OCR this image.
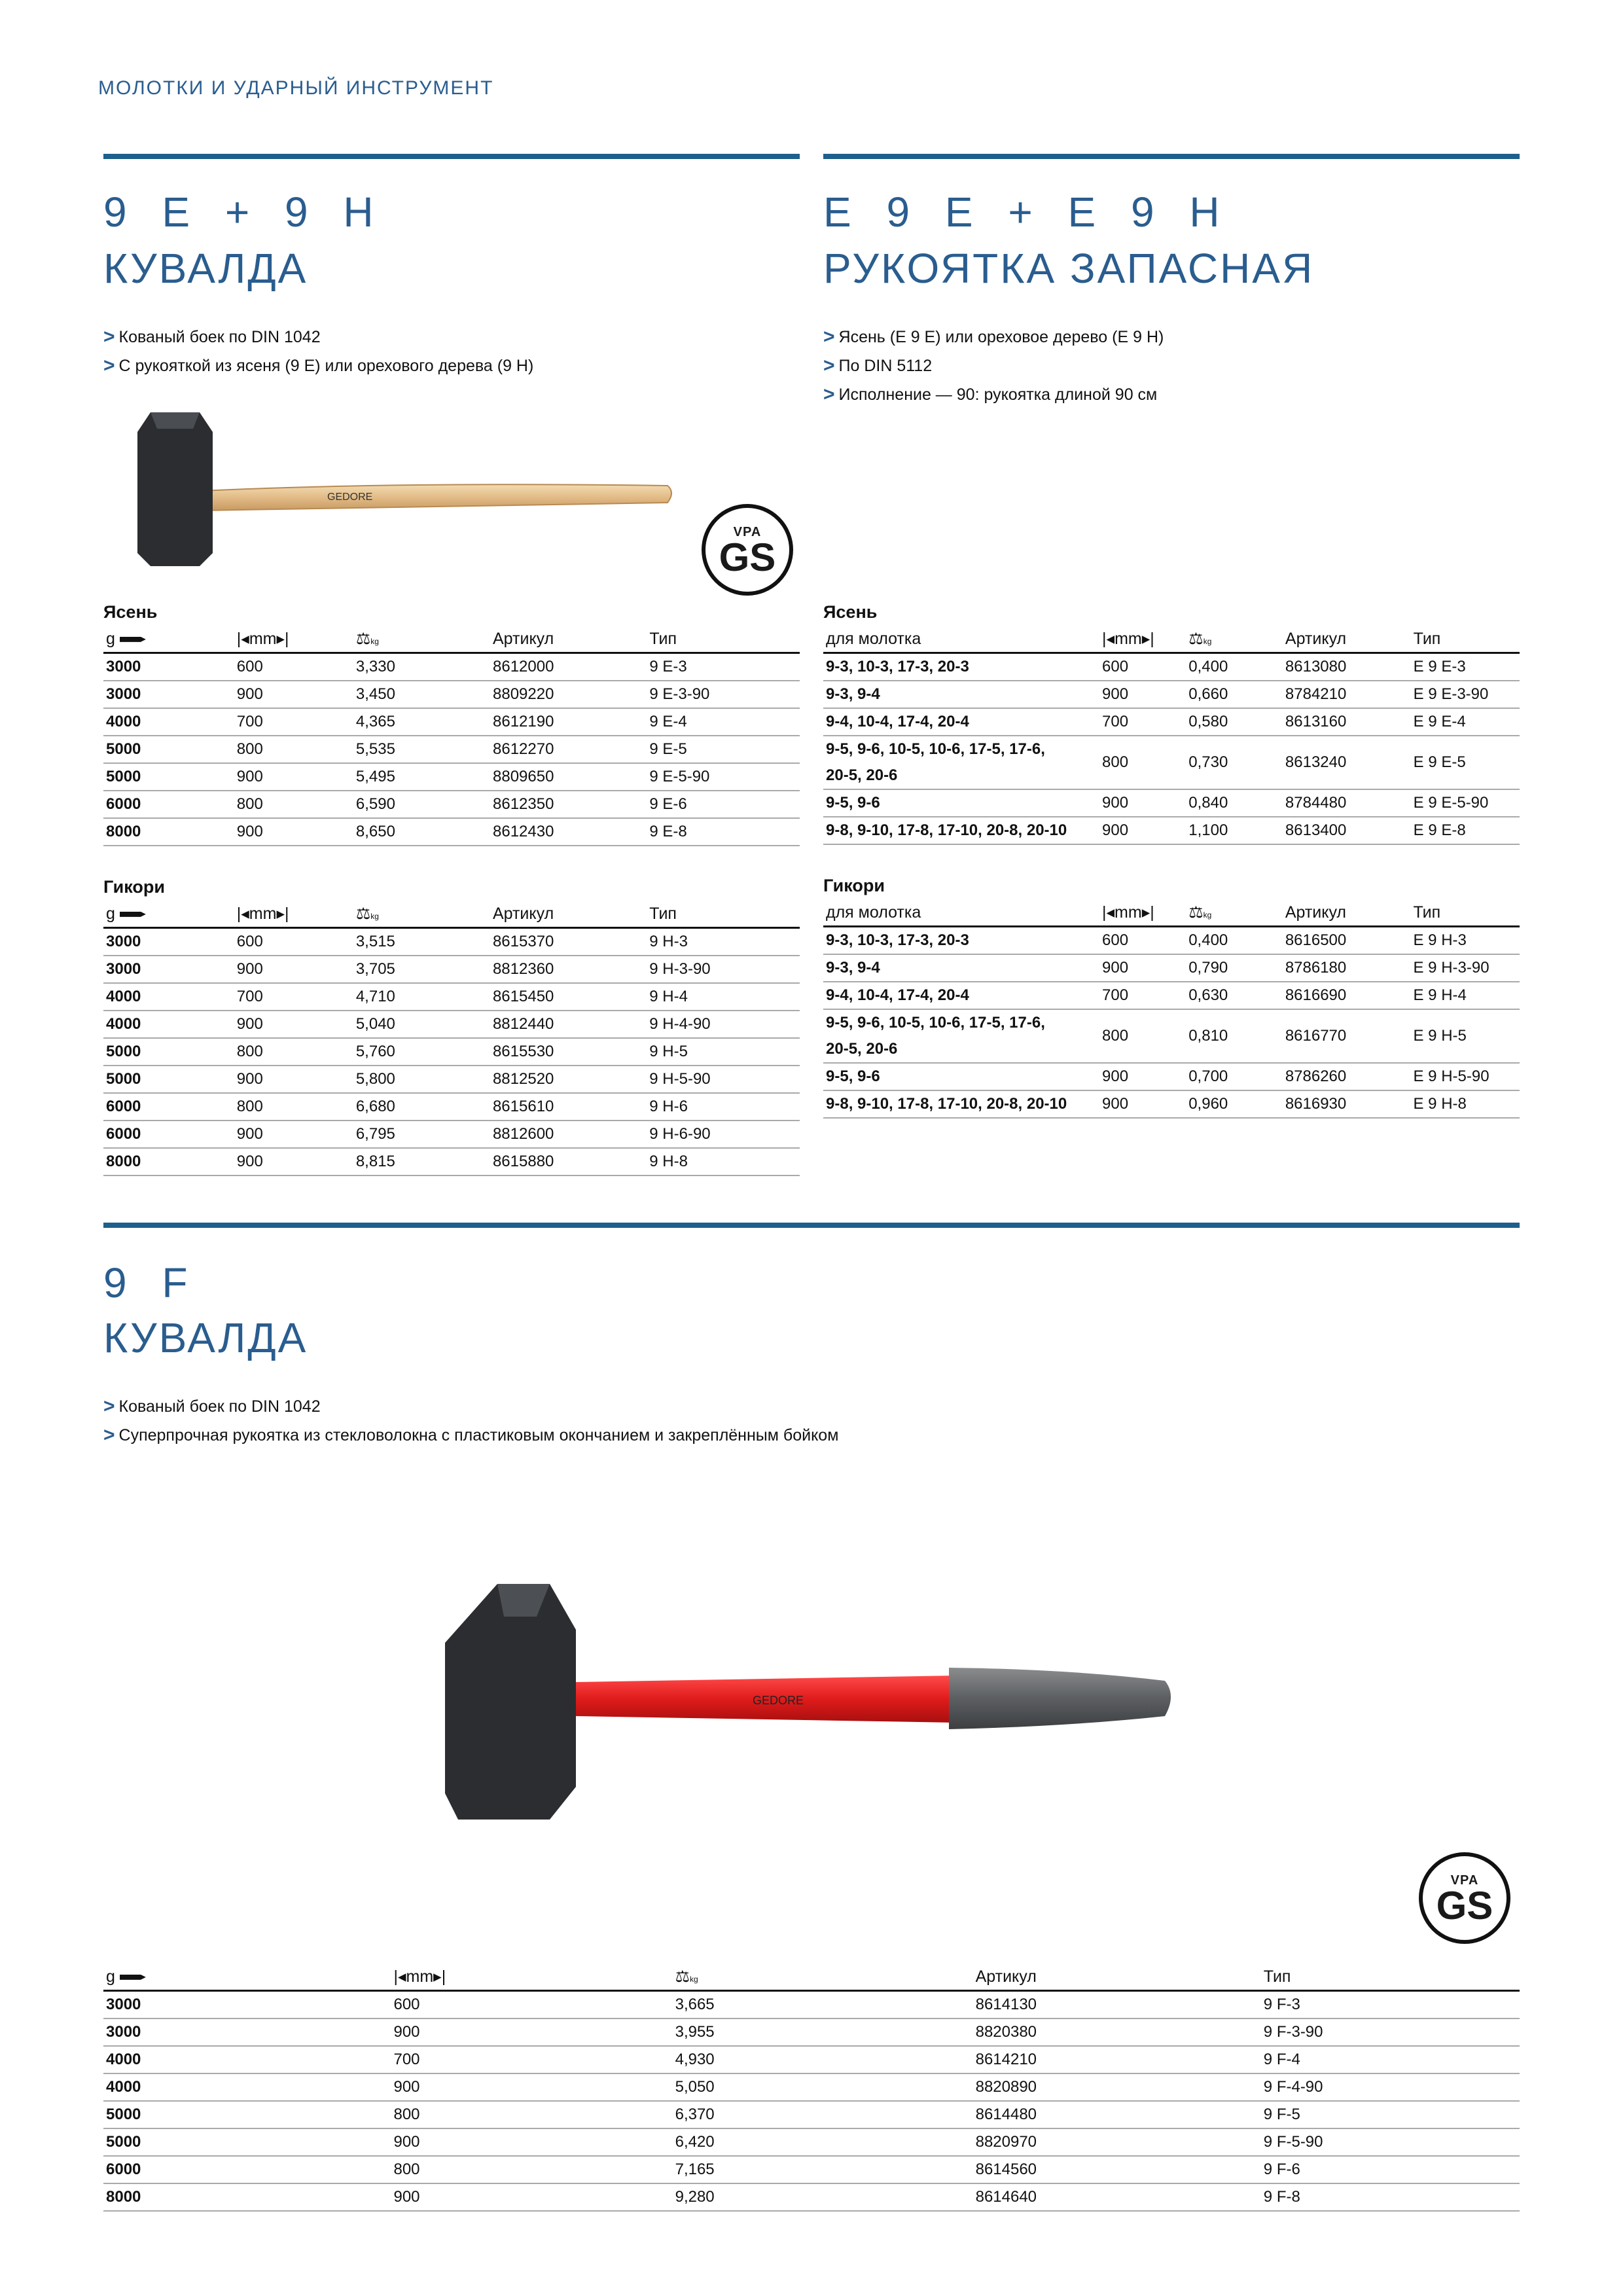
МОЛОТКИ И УДАРНЫЙ ИНСТРУМЕНТ
9 E + 9 H
КУВАЛДА
> Кованый боек по DIN 1042
> С рукояткой из ясеня (9 E) или орехового дерева (9 H)
GEDORE
VPA
GS
Ясень
g	|◂mm▸|	⚖kg	Артикул	Тип
3000	600	3,330	8612000	9 E-3
3000	900	3,450	8809220	9 E-3-90
4000	700	4,365	8612190	9 E-4
5000	800	5,535	8612270	9 E-5
5000	900	5,495	8809650	9 E-5-90
6000	800	6,590	8612350	9 E-6
8000	900	8,650	8612430	9 E-8
Гикори
g	|◂mm▸|	⚖kg	Артикул	Тип
3000	600	3,515	8615370	9 H-3
3000	900	3,705	8812360	9 H-3-90
4000	700	4,710	8615450	9 H-4
4000	900	5,040	8812440	9 H-4-90
5000	800	5,760	8615530	9 H-5
5000	900	5,800	8812520	9 H-5-90
6000	800	6,680	8615610	9 H-6
6000	900	6,795	8812600	9 H-6-90
8000	900	8,815	8615880	9 H-8
E 9 E + E 9 H
РУКОЯТКА ЗАПАСНАЯ
> Ясень (E 9 E) или ореховое дерево (E 9 H)
> По DIN 5112
> Исполнение — 90: рукоятка длиной 90 см
Ясень
для молотка	|◂mm▸|	⚖kg	Артикул	Тип
9-3, 10-3, 17-3, 20-3	600	0,400	8613080	E 9 E-3
9-3, 9-4	900	0,660	8784210	E 9 E-3-90
9-4, 10-4, 17-4, 20-4	700	0,580	8613160	E 9 E-4
9-5, 9-6, 10-5, 10-6, 17-5, 17-6,
20-5, 20-6	800	0,730	8613240	E 9 E-5
9-5, 9-6	900	0,840	8784480	E 9 E-5-90
9-8, 9-10, 17-8, 17-10, 20-8, 20-10	900	1,100	8613400	E 9 E-8
Гикори
для молотка	|◂mm▸|	⚖kg	Артикул	Тип
9-3, 10-3, 17-3, 20-3	600	0,400	8616500	E 9 H-3
9-3, 9-4	900	0,790	8786180	E 9 H-3-90
9-4, 10-4, 17-4, 20-4	700	0,630	8616690	E 9 H-4
9-5, 9-6, 10-5, 10-6, 17-5, 17-6,
20-5, 20-6	800	0,810	8616770	E 9 H-5
9-5, 9-6	900	0,700	8786260	E 9 H-5-90
9-8, 9-10, 17-8, 17-10, 20-8, 20-10	900	0,960	8616930	E 9 H-8
9 F
КУВАЛДА
> Кованый боек по DIN 1042
> Суперпрочная рукоятка из стекловолокна с пластиковым окончанием и закреплённым бойком
GEDORE
VPA
GS
g	|◂mm▸|	⚖kg	Артикул	Тип
3000	600	3,665	8614130	9 F-3
3000	900	3,955	8820380	9 F-3-90
4000	700	4,930	8614210	9 F-4
4000	900	5,050	8820890	9 F-4-90
5000	800	6,370	8614480	9 F-5
5000	900	6,420	8820970	9 F-5-90
6000	800	7,165	8614560	9 F-6
8000	900	9,280	8614640	9 F-8
